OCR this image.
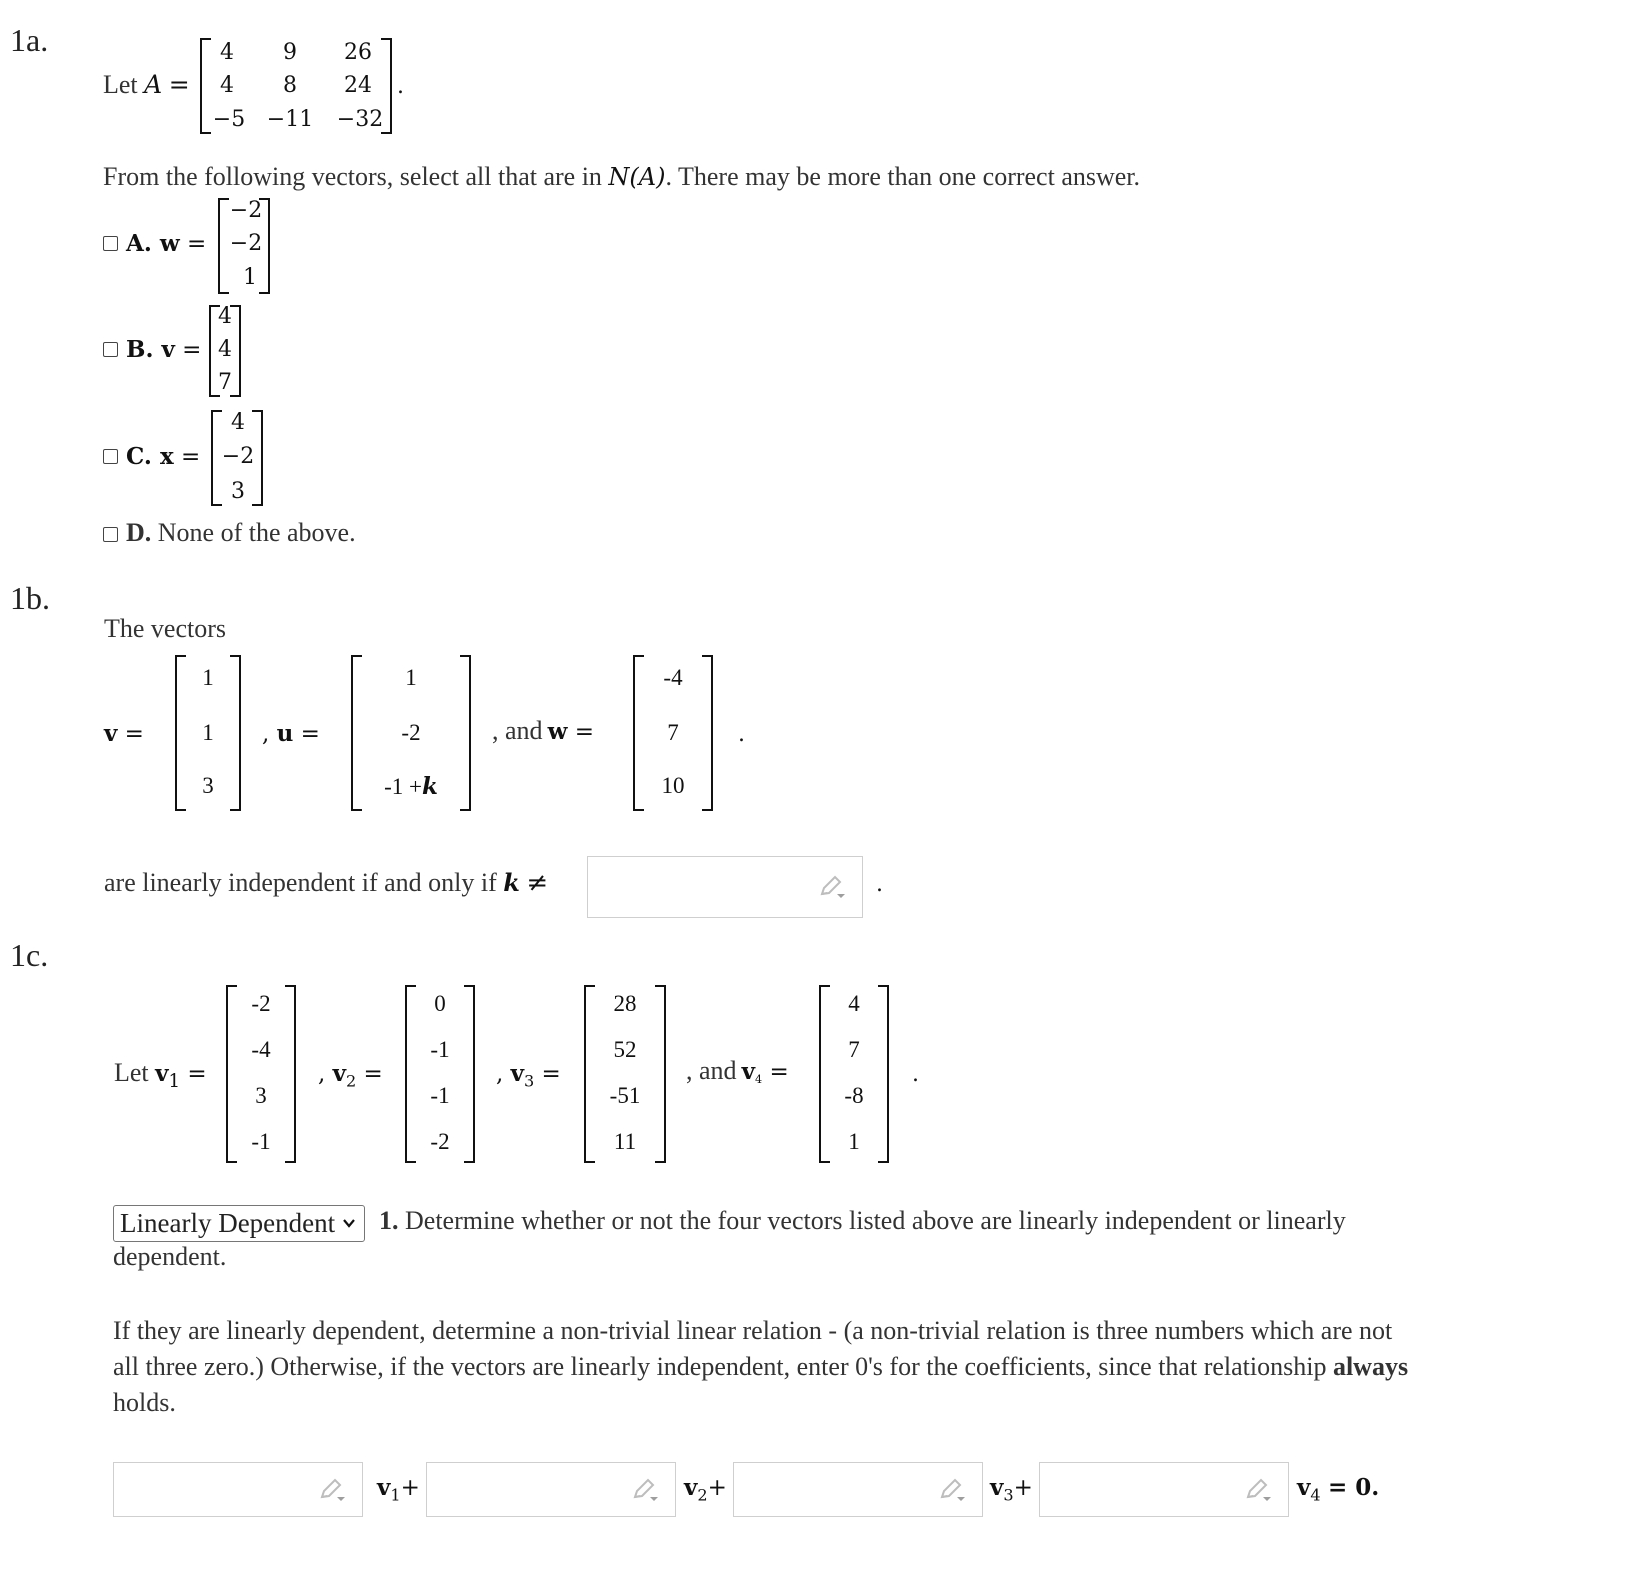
1a.
Let A =
4	9	26
4	8	24
−5 −11 −32
.
From the following vectors, select all that are in N(A). There may be more than one correct answer.
A. w =
−2
−2
1
B. v =
4
4
7
C. x =
4
−2
3
D. None of the above.
1b.
The vectors
v =
1
1
3
, u =
1
-2
-1 +k
, and w =
-4
7
10
.
are linearly independent if and only if k ≠	.
1c.
Let $v_1$ =
-2
-4
3
-1
, $v_2$ =
0
-1
-1
-2
, $v_3$ =
28
52
-51
11
, and $v_4$ =
4
7
-8
1
.
Linearly Dependent 1. Determine whether or not the four vectors listed above are linearly independent or linearly
dependent.
If they are linearly dependent, determine a non-trivial linear relation - (a non-trivial relation is three numbers which are not
all three zero.) Otherwise, if the vectors are linearly independent, enter 0's for the coefficients, since that relationship always
holds.
$v_1+$	$v_2+$	$v_3+$	$v_4 = 0$.
